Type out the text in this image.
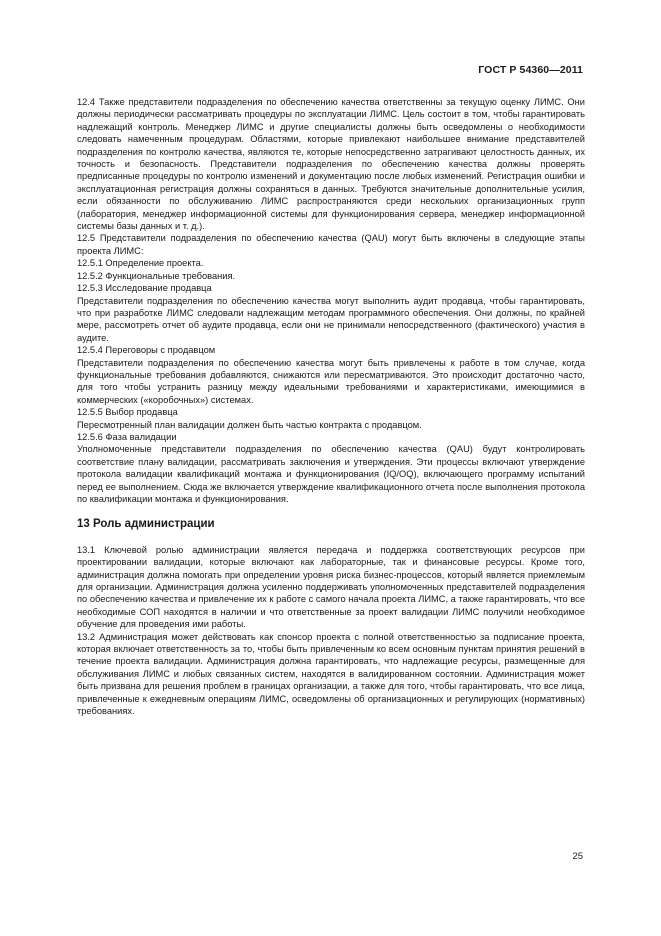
ГОСТ Р 54360—2011

12.4 Также представители подразделения по обеспечению качества ответственны за текущую оценку ЛИМС. Они должны периодически рассматривать процедуры по эксплуатации ЛИМС. Цель состоит в том, чтобы гарантировать надлежащий контроль. Менеджер ЛИМС и другие специалисты должны быть осведомлены о необходимости следовать намеченным процедурам. Областями, которые привлекают наибольшее внимание представителей подразделения по контролю качества, являются те, которые непосредственно затрагивают целостность данных, их точность и безопасность. Представители подразделения по обеспечению качества должны проверять предписанные процедуры по контролю изменений и документацию после любых изменений. Регистрация ошибки и эксплуатационная регистрация должны сохраняться в данных. Требуются значительные дополнительные усилия, если обязанности по обслуживанию ЛИМС распространяются среди нескольких организационных групп (лаборатория, менеджер информационной системы для функционирования сервера, менеджер информационной системы базы данных и т. д.).

12.5 Представители подразделения по обеспечению качества (QAU) могут быть включены в следующие этапы проекта ЛИМС:

12.5.1 Определение проекта.

12.5.2 Функциональные требования.

12.5.3 Исследование продавца

Представители подразделения по обеспечению качества могут выполнить аудит продавца, чтобы гарантировать, что при разработке ЛИМС следовали надлежащим методам программного обеспечения. Они должны, по крайней мере, рассмотреть отчет об аудите продавца, если они не принимали непосредственного (фактического) участия в аудите.

12.5.4 Переговоры с продавцом

Представители подразделения по обеспечению качества могут быть привлечены к работе в том случае, когда функциональные требования добавляются, снижаются или пересматриваются. Это происходит достаточно часто, для того чтобы устранить разницу между идеальными требованиями и характеристиками, имеющимися в коммерческих («коробочных») системах.

12.5.5 Выбор продавца

Пересмотренный план валидации должен быть частью контракта с продавцом.

12.5.6 Фаза валидации

Уполномоченные представители подразделения по обеспечению качества (QAU) будут контролировать соответствие плану валидации, рассматривать заключения и утверждения. Эти процессы включают утверждение протокола валидации квалификаций монтажа и функционирования (IQ/OQ), включающего программу испытаний перед ее выполнением. Сюда же включается утверждение квалификационного отчета после выполнения протокола по квалификации монтажа и функционирования.

13 Роль администрации

13.1 Ключевой ролью администрации является передача и поддержка соответствующих ресурсов при проектировании валидации, которые включают как лабораторные, так и финансовые ресурсы. Кроме того, администрация должна помогать при определении уровня риска бизнес-процессов, который является приемлемым для организации. Администрация должна усиленно поддерживать уполномоченных представителей подразделения по обеспечению качества и привлечение их к работе с самого начала проекта ЛИМС, а также гарантировать, что все необходимые СОП находятся в наличии и что ответственные за проект валидации ЛИМС получили необходимое обучение для проведения ими работы.

13.2 Администрация может действовать как спонсор проекта с полной ответственностью за подписание проекта, которая включает ответственность за то, чтобы быть привлеченным ко всем основным пунктам принятия решений в течение проекта валидации. Администрация должна гарантировать, что надлежащие ресурсы, размещенные для обслуживания ЛИМС и любых связанных систем, находятся в валидированном состоянии. Администрация может быть призвана для решения проблем в границах организации, а также для того, чтобы гарантировать, что все лица, привлеченные к ежедневным операциям ЛИМС, осведомлены об организационных и регулирующих (нормативных) требованиях.

25
